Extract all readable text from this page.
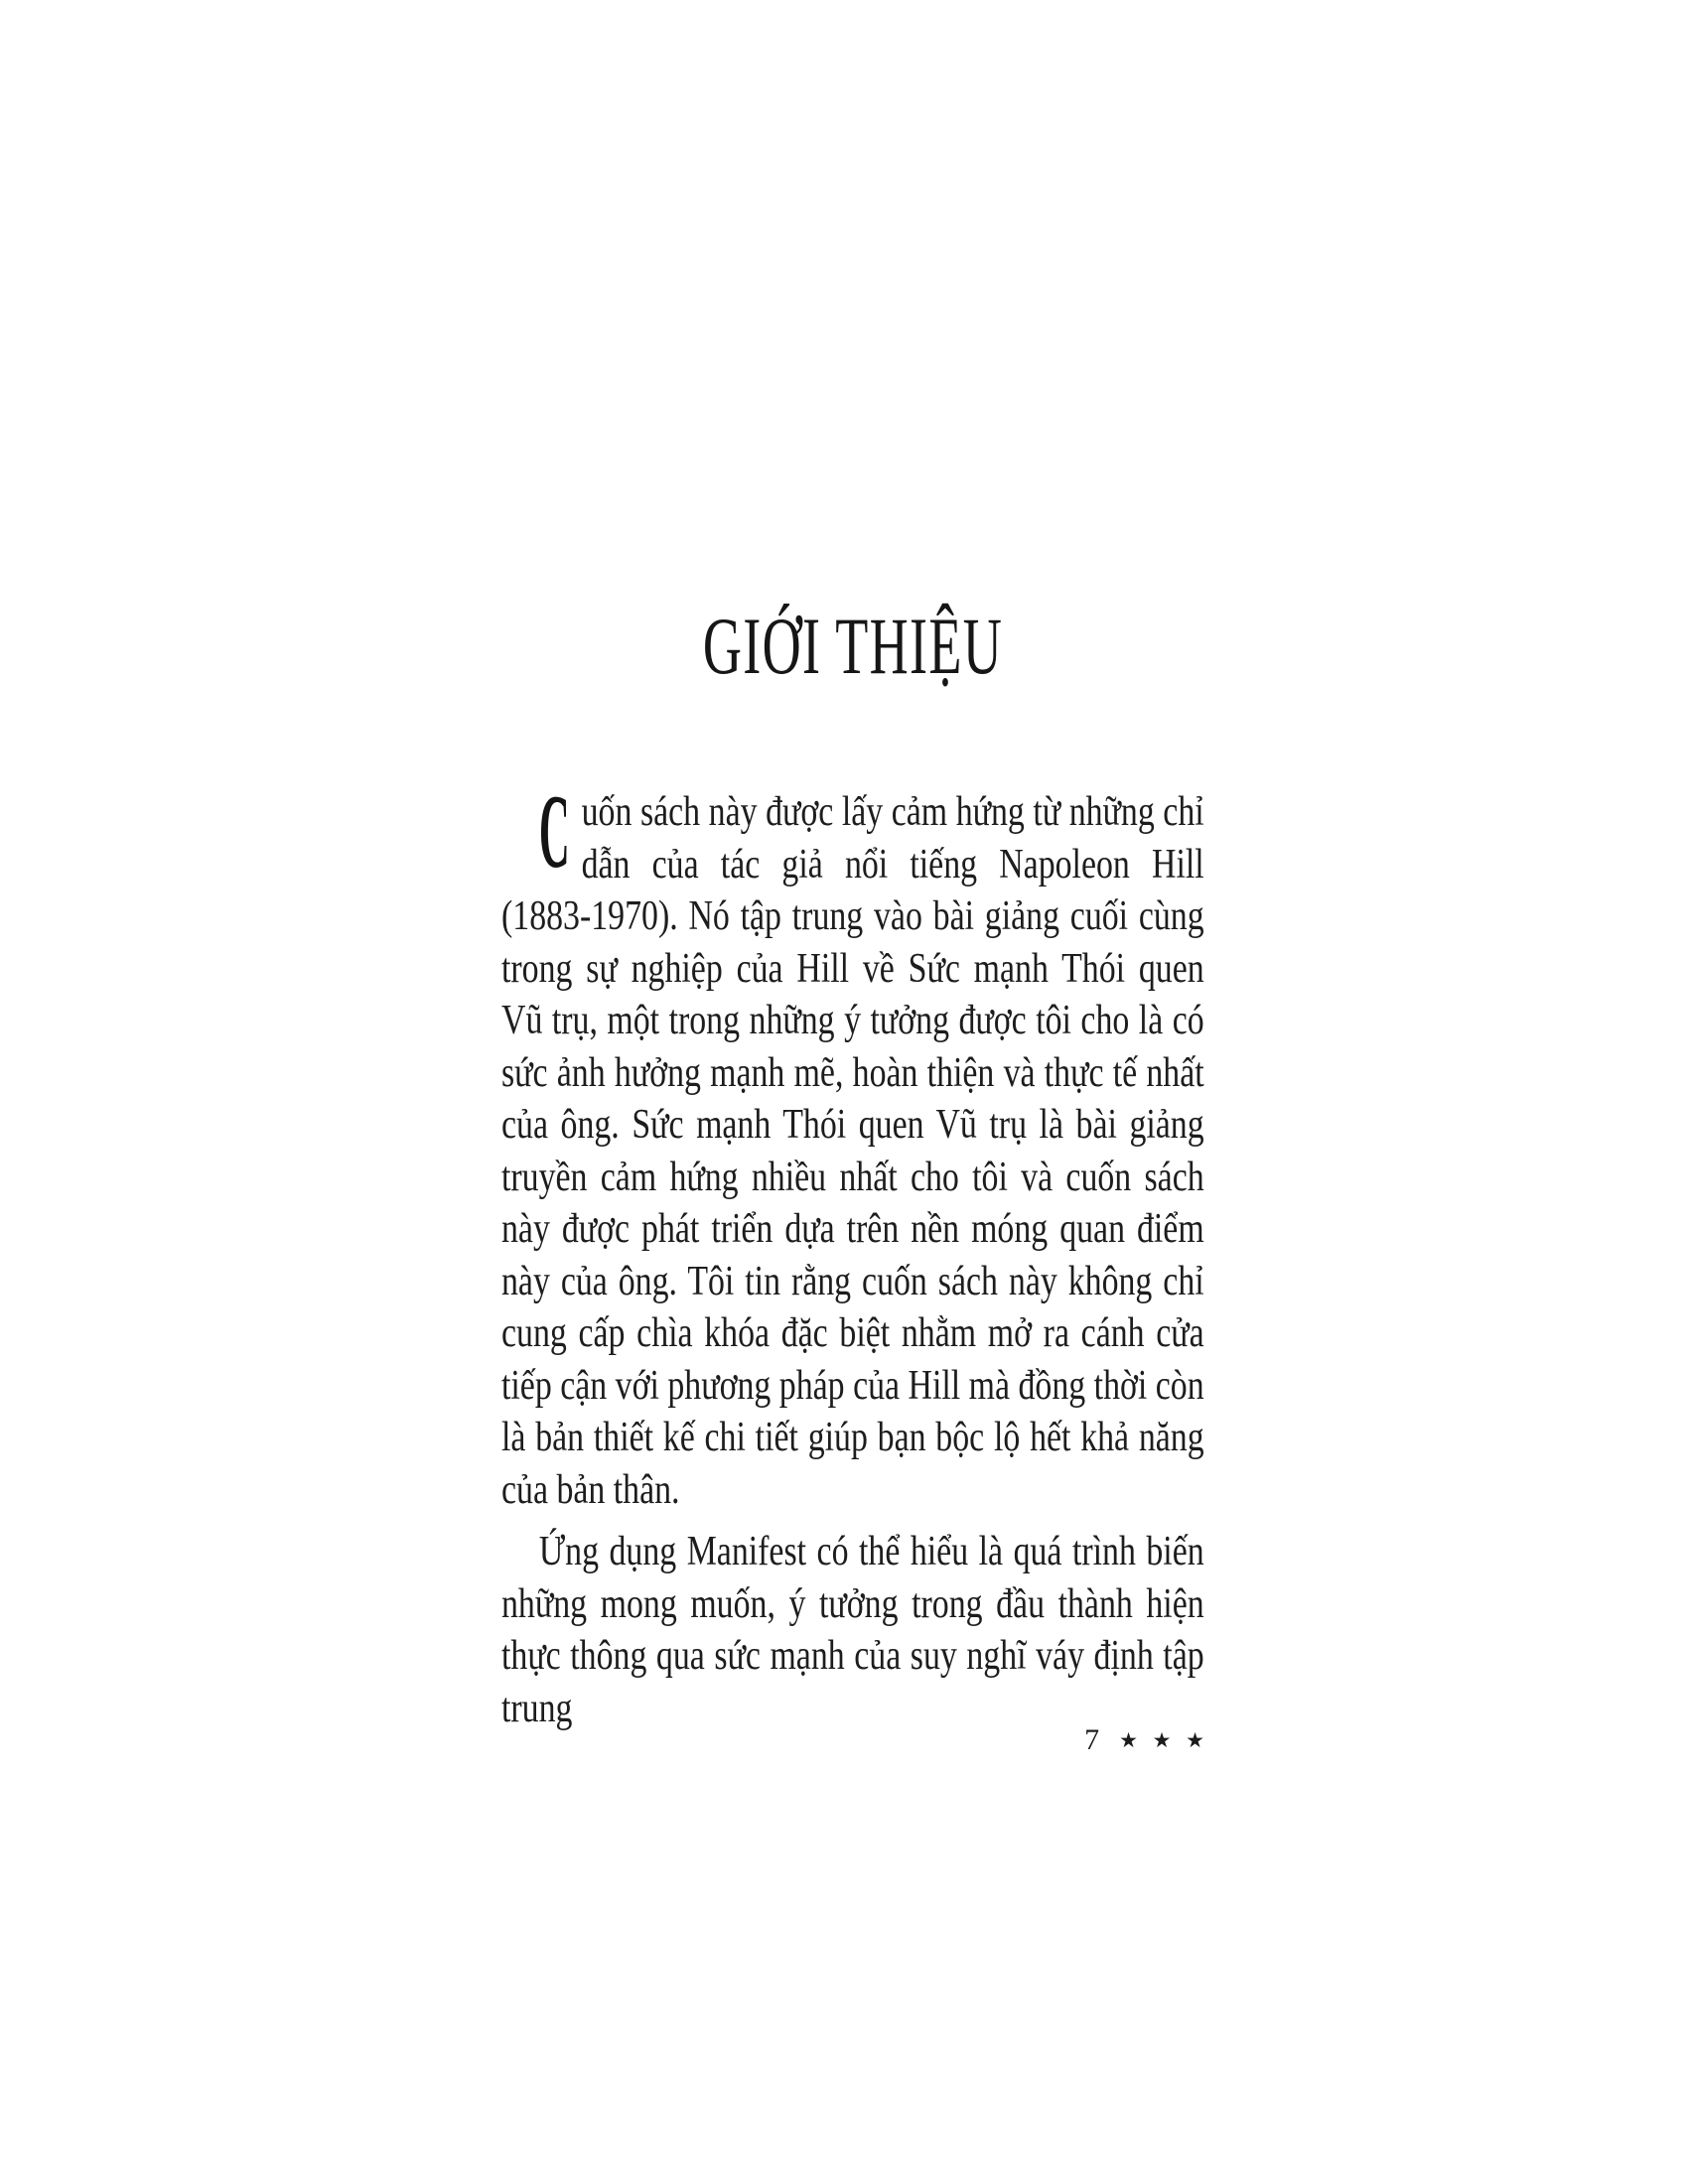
GIỚI THIỆU

Cuốn sách này được lấy cảm hứng từ những chỉ dẫn của tác giả nổi tiếng Napoleon Hill (1883-1970). Nó tập trung vào bài giảng cuối cùng trong sự nghiệp của Hill về Sức mạnh Thói quen Vũ trụ, một trong những ý tưởng được tôi cho là có sức ảnh hưởng mạnh mẽ, hoàn thiện và thực tế nhất của ông. Sức mạnh Thói quen Vũ trụ là bài giảng truyền cảm hứng nhiều nhất cho tôi và cuốn sách này được phát triển dựa trên nền móng quan điểm này của ông. Tôi tin rằng cuốn sách này không chỉ cung cấp chìa khóa đặc biệt nhằm mở ra cánh cửa tiếp cận với phương pháp của Hill mà đồng thời còn là bản thiết kế chi tiết giúp bạn bộc lộ hết khả năng của bản thân.

Ứng dụng Manifest có thể hiểu là quá trình biến những mong muốn, ý tưởng trong đầu thành hiện thực thông qua sức mạnh của suy nghĩ váy định tập trung

7 ★ ★ ★
